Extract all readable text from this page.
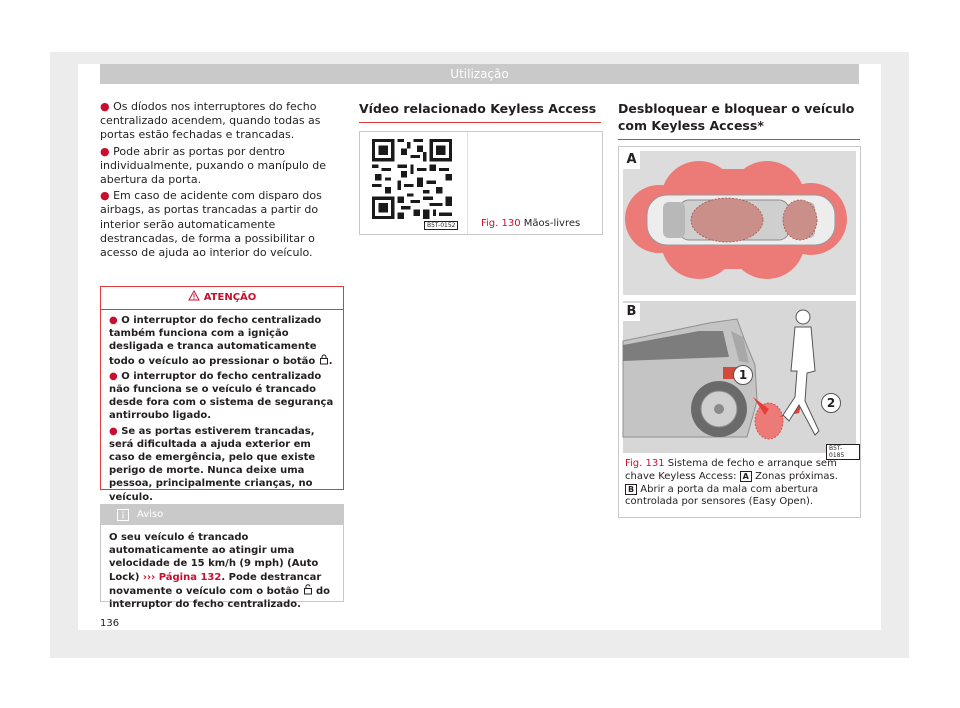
Utilização
● Os díodos nos interruptores do fecho centralizado acendem, quando todas as portas estão fechadas e trancadas.
● Pode abrir as portas por dentro individualmente, puxando o manípulo de abertura da porta.
● Em caso de acidente com disparo dos airbags, as portas trancadas a partir do interior serão automaticamente destrancadas, de forma a possibilitar o acesso de ajuda ao interior do veículo.
ATENÇÃO
● O interruptor do fecho centralizado também funciona com a ignição desligada e tranca automaticamente todo o veículo ao pressionar o botão .
● O interruptor do fecho centralizado não funciona se o veículo é trancado desde fora com o sistema de segurança antirroubo ligado.
● Se as portas estiverem trancadas, será dificultada a ajuda exterior em caso de emergência, pelo que existe perigo de morte. Nunca deixe uma pessoa, principalmente crianças, no veículo.
Aviso
O seu veículo é trancado automaticamente ao atingir uma velocidade de 15 km/h (9 mph) (Auto Lock) ››› Página 132. Pode destrancar novamente o veículo com o botão do interruptor do fecho centralizado.
Vídeo relacionado Keyless Access
B5T-0152	Fig. 130 Mãos-livres
Desbloquear e bloquear o veículo com Keyless Access*
A
B
1
2
B5T-0185
Fig. 131 Sistema de fecho e arranque sem chave Keyless Access: A Zonas próximas. B Abrir a porta da mala com abertura controlada por sensores (Easy Open).
136
